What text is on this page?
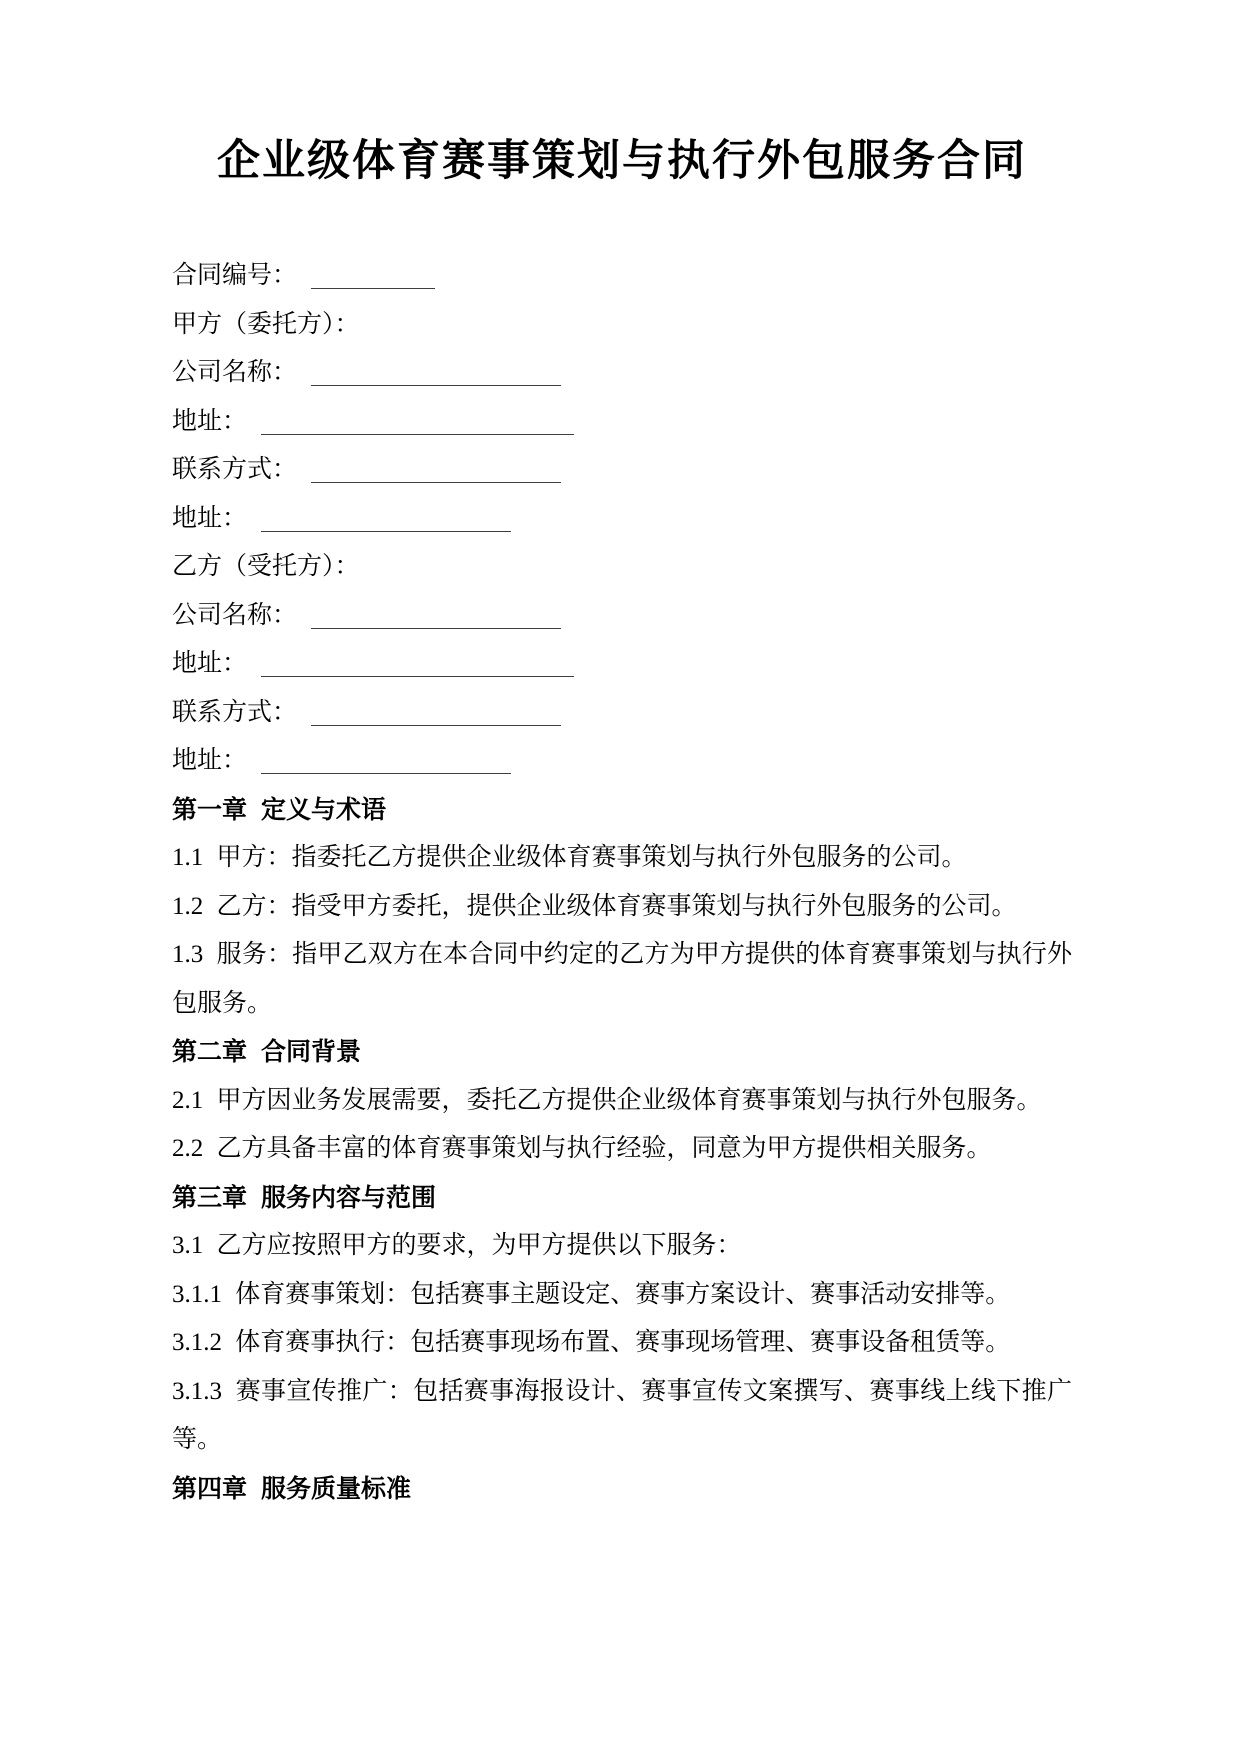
企业级体育赛事策划与执行外包服务合同
合同编号：
甲方（委托方）：
公司名称：
地址：
联系方式：
地址：
乙方（受托方）：
公司名称：
地址：
联系方式：
地址：
第一章 定义与术语

1.1 甲方：指委托乙方提供企业级体育赛事策划与执行外包服务的公司。

1.2 乙方：指受甲方委托，提供企业级体育赛事策划与执行外包服务的公司。

1.3 服务：指甲乙双方在本合同中约定的乙方为甲方提供的体育赛事策划与执行外包服务。

第二章 合同背景

2.1 甲方因业务发展需要，委托乙方提供企业级体育赛事策划与执行外包服务。

2.2 乙方具备丰富的体育赛事策划与执行经验，同意为甲方提供相关服务。

第三章 服务内容与范围

3.1 乙方应按照甲方的要求，为甲方提供以下服务：

3.1.1 体育赛事策划：包括赛事主题设定、赛事方案设计、赛事活动安排等。

3.1.2 体育赛事执行：包括赛事现场布置、赛事现场管理、赛事设备租赁等。

3.1.3 赛事宣传推广：包括赛事海报设计、赛事宣传文案撰写、赛事线上线下推广等。

第四章 服务质量标准
